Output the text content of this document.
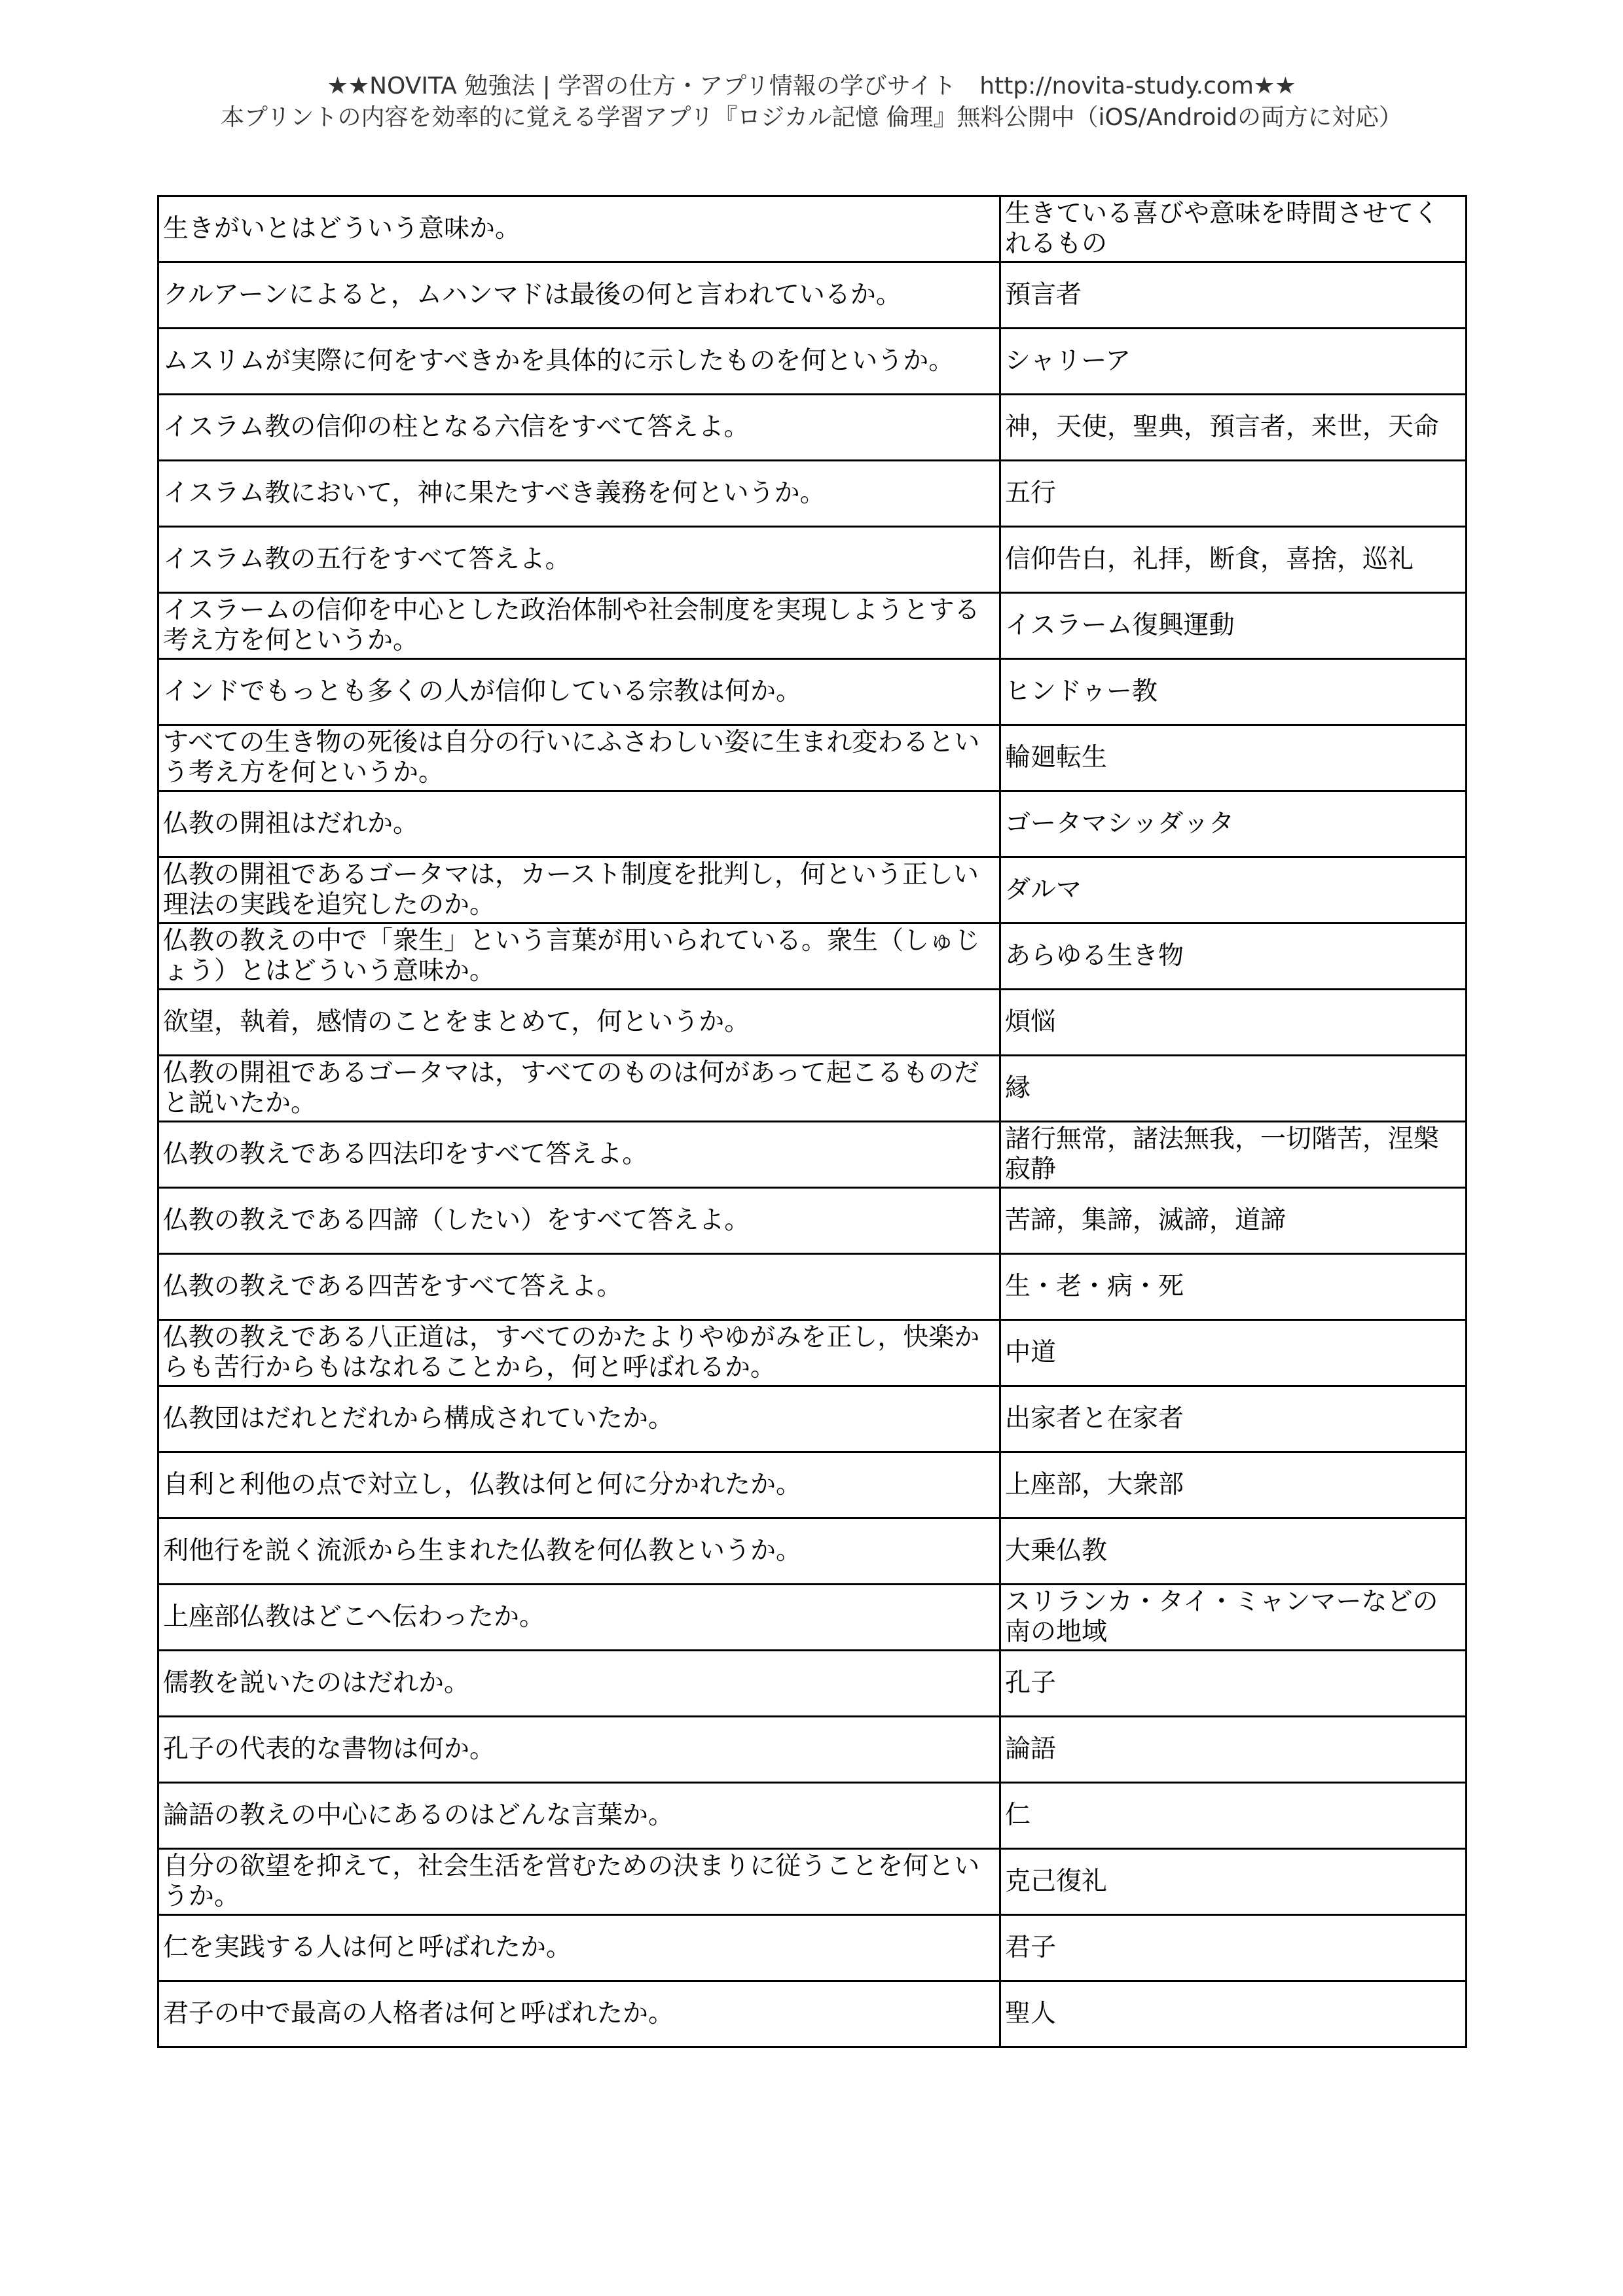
★★NOVITA 勉強法 | 学習の仕方・アプリ情報の学びサイト　http://novita-study.com★★
本プリントの内容を効率的に覚える学習アプリ『ロジカル記憶 倫理』無料公開中（iOS/Androidの両方に対応）
生きがいとはどういう意味か。	生きている喜びや意味を時間させてくれるもの
クルアーンによると，ムハンマドは最後の何と言われているか。	預言者
ムスリムが実際に何をすべきかを具体的に示したものを何というか。	シャリーア
イスラム教の信仰の柱となる六信をすべて答えよ。	神，天使，聖典，預言者，来世，天命
イスラム教において，神に果たすべき義務を何というか。	五行
イスラム教の五行をすべて答えよ。	信仰告白，礼拝，断食，喜捨，巡礼
イスラームの信仰を中心とした政治体制や社会制度を実現しようとする考え方を何というか。	イスラーム復興運動
インドでもっとも多くの人が信仰している宗教は何か。	ヒンドゥー教
すべての生き物の死後は自分の行いにふさわしい姿に生まれ変わるという考え方を何というか。	輪廻転生
仏教の開祖はだれか。	ゴータマシッダッタ
仏教の開祖であるゴータマは，カースト制度を批判し，何という正しい理法の実践を追究したのか。	ダルマ
仏教の教えの中で「衆生」という言葉が用いられている。衆生（しゅじょう）とはどういう意味か。	あらゆる生き物
欲望，執着，感情のことをまとめて，何というか。	煩悩
仏教の開祖であるゴータマは，すべてのものは何があって起こるものだと説いたか。	縁
仏教の教えである四法印をすべて答えよ。	諸行無常，諸法無我，一切階苦，涅槃寂静
仏教の教えである四諦（したい）をすべて答えよ。	苦諦，集諦，滅諦，道諦
仏教の教えである四苦をすべて答えよ。	生・老・病・死
仏教の教えである八正道は，すべてのかたよりやゆがみを正し，快楽からも苦行からもはなれることから，何と呼ばれるか。	中道
仏教団はだれとだれから構成されていたか。	出家者と在家者
自利と利他の点で対立し，仏教は何と何に分かれたか。	上座部，大衆部
利他行を説く流派から生まれた仏教を何仏教というか。	大乗仏教
上座部仏教はどこへ伝わったか。	スリランカ・タイ・ミャンマーなどの南の地域
儒教を説いたのはだれか。	孔子
孔子の代表的な書物は何か。	論語
論語の教えの中心にあるのはどんな言葉か。	仁
自分の欲望を抑えて，社会生活を営むための決まりに従うことを何というか。	克己復礼
仁を実践する人は何と呼ばれたか。	君子
君子の中で最高の人格者は何と呼ばれたか。	聖人
